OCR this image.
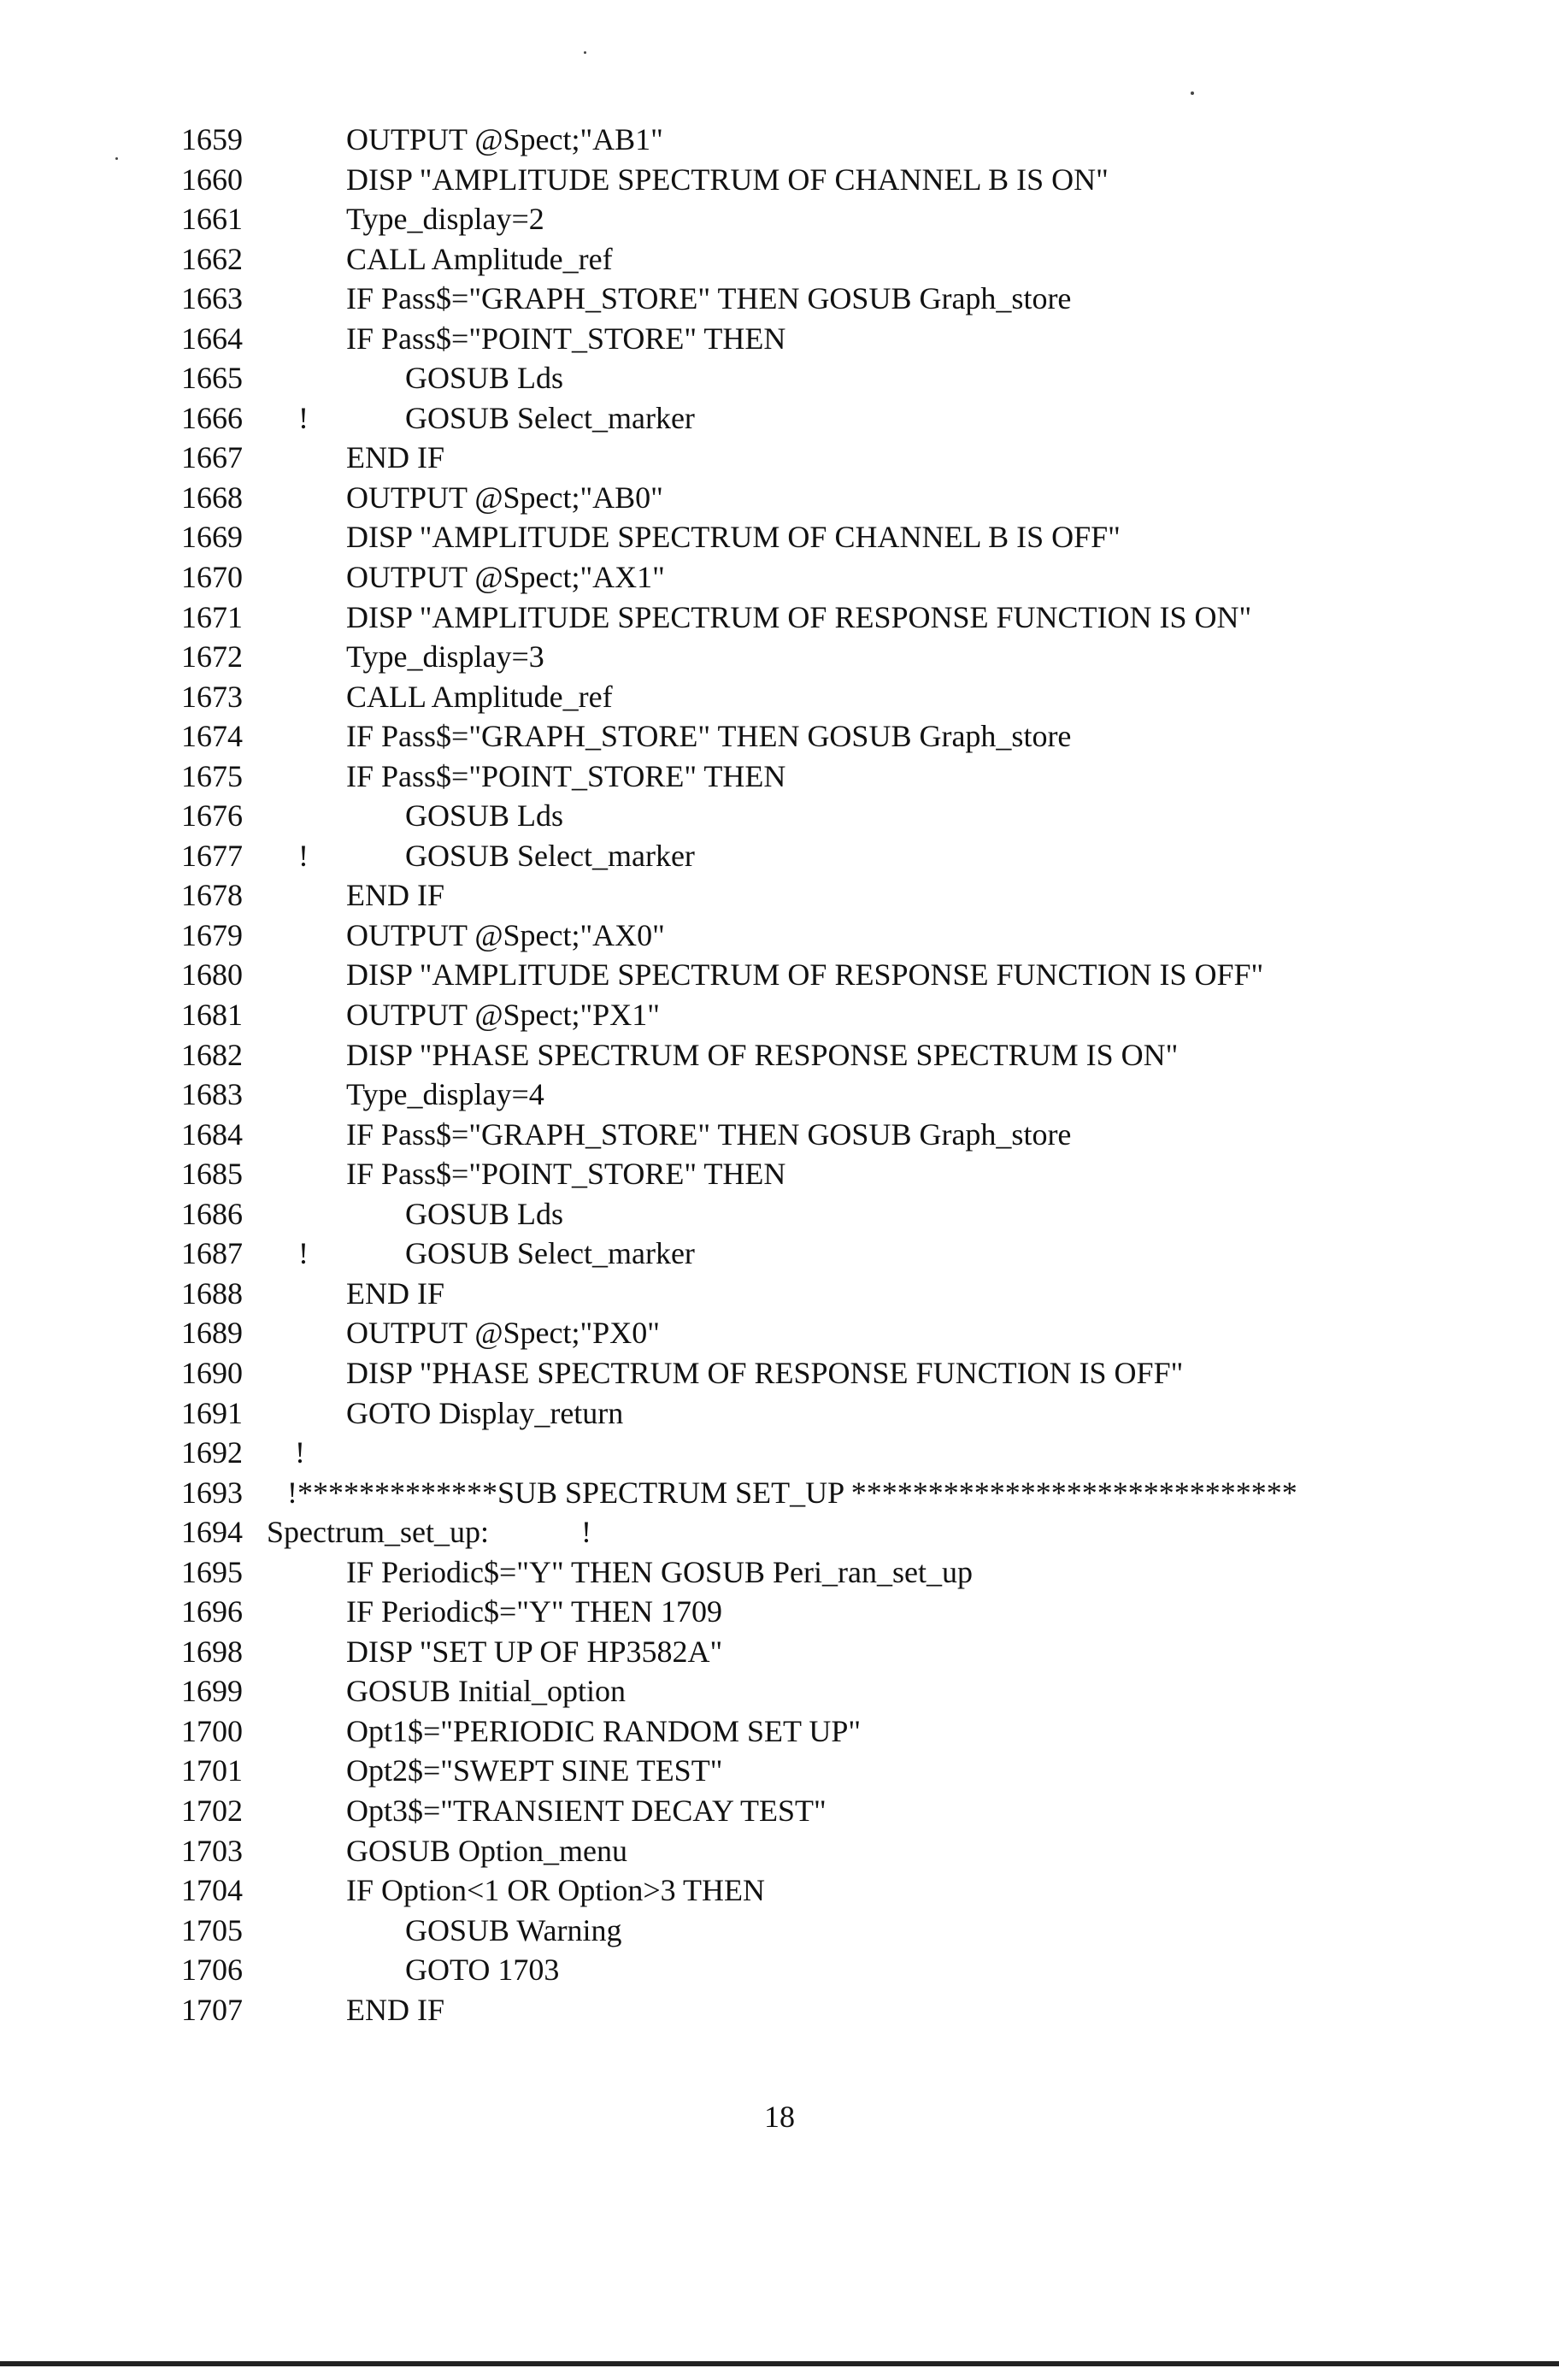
1659	OUTPUT @Spect;"AB1"
1660	DISP "AMPLITUDE SPECTRUM OF CHANNEL B IS ON"
1661	Type_display=2
1662	CALL Amplitude_ref
1663	IF Pass$="GRAPH_STORE" THEN GOSUB Graph_store
1664	IF Pass$="POINT_STORE" THEN
1665	GOSUB Lds
1666 !	GOSUB Select_marker
1667	END IF
1668	OUTPUT @Spect;"AB0"
1669	DISP "AMPLITUDE SPECTRUM OF CHANNEL B IS OFF"
1670	OUTPUT @Spect;"AX1"
1671	DISP "AMPLITUDE SPECTRUM OF RESPONSE FUNCTION IS ON"
1672	Type_display=3
1673	CALL Amplitude_ref
1674	IF Pass$="GRAPH_STORE" THEN GOSUB Graph_store
1675	IF Pass$="POINT_STORE" THEN
1676	GOSUB Lds
1677 !	GOSUB Select_marker
1678	END IF
1679	OUTPUT @Spect;"AX0"
1680	DISP "AMPLITUDE SPECTRUM OF RESPONSE FUNCTION IS OFF"
1681	OUTPUT @Spect;"PX1"
1682	DISP "PHASE SPECTRUM OF RESPONSE SPECTRUM IS ON"
1683	Type_display=4
1684	IF Pass$="GRAPH_STORE" THEN GOSUB Graph_store
1685	IF Pass$="POINT_STORE" THEN
1686	GOSUB Lds
1687 !	GOSUB Select_marker
1688	END IF
1689	OUTPUT @Spect;"PX0"
1690	DISP "PHASE SPECTRUM OF RESPONSE FUNCTION IS OFF"
1691	GOTO Display_return
1692 !
1693 !*************SUB SPECTRUM SET_UP *****************************
1694 Spectrum_set_up:            !
1695	IF Periodic$="Y" THEN GOSUB Peri_ran_set_up
1696	IF Periodic$="Y" THEN 1709
1698	DISP "SET UP OF HP3582A"
1699	GOSUB Initial_option
1700	Opt1$="PERIODIC RANDOM SET UP"
1701	Opt2$="SWEPT SINE TEST"
1702	Opt3$="TRANSIENT DECAY TEST"
1703	GOSUB Option_menu
1704	IF Option<1 OR Option>3 THEN
1705	GOSUB Warning
1706	GOTO 1703
1707	END IF
18
